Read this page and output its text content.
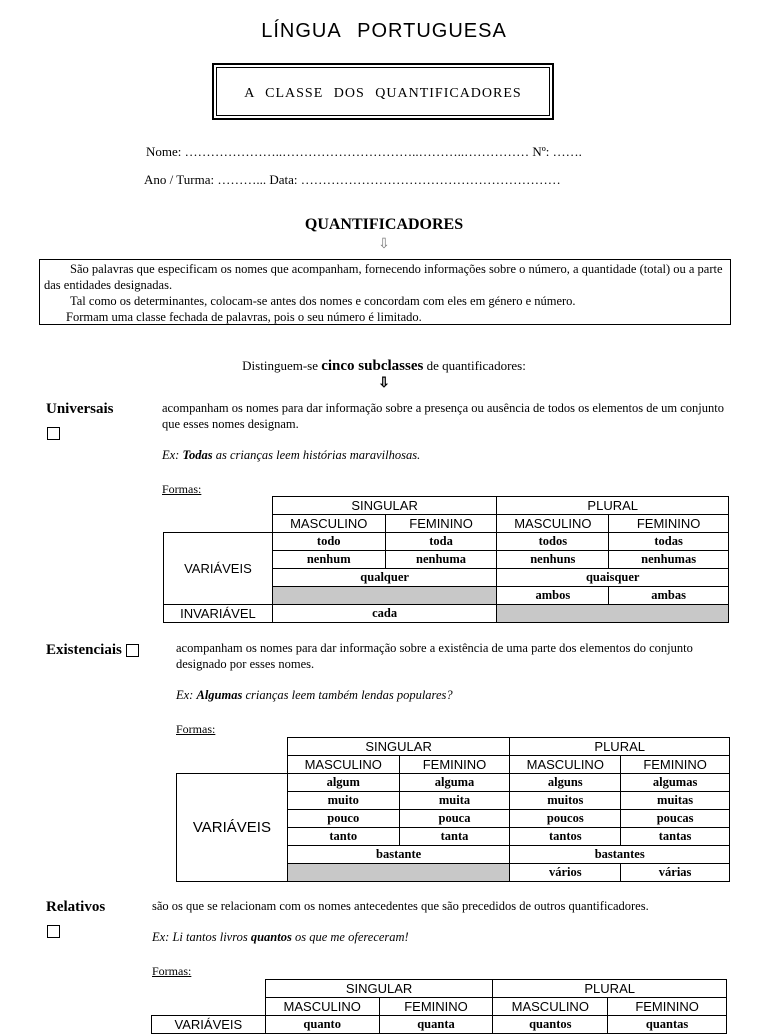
LÍNGUA PORTUGUESA
A CLASSE DOS QUANTIFICADORES
Nome: …………………..…………………………..………..…………… Nº: …….
Ano / Turma: ………... Data: ……………………………………………………
QUANTIFICADORES
⇩

São palavras que especificam os nomes que acompanham, fornecendo informações sobre o número, a quantidade (total) ou a parte das entidades designadas.

Tal como os determinantes, colocam-se antes dos nomes e concordam com eles em género e número.

Formam uma classe fechada de palavras, pois o seu número é limitado.

Distinguem-se cinco subclasses de quantificadores:
⇩
Universais	acompanham os nomes para dar informação sobre a presença ou ausência de todos os elementos de um conjunto que esses nomes designam.
Ex: Todas as crianças leem histórias maravilhosas.
Formas:
	SINGULAR		PLURAL	
	MASCULINO	FEMININO	MASCULINO	FEMININO
VARIÁVEIS	todo	toda	todos	todas
	nenhum	nenhuma	nenhuns	nenhumas
	qualquer		quaisquer	
			ambos	ambas
INVARIÁVEL	cada			
Existenciais	acompanham os nomes para dar informação sobre a existência de uma parte dos elementos do conjunto designado por esses nomes.
Ex: Algumas crianças leem também lendas populares?
Formas:
	SINGULAR		PLURAL	
	MASCULINO	FEMININO	MASCULINO	FEMININO
VARIÁVEIS	algum	alguma	alguns	algumas
	muito	muita	muitos	muitas
	pouco	pouca	poucos	poucas
	tanto	tanta	tantos	tantas
	bastante		bastantes	
			vários	várias
Relativos	são os que se relacionam com os nomes antecedentes que são precedidos de outros quantificadores.
Ex: Li tantos livros quantos os que me ofereceram!
Formas:
	SINGULAR		PLURAL	
	MASCULINO	FEMININO	MASCULINO	FEMININO
VARIÁVEIS	quanto	quanta	quantos	quantas
